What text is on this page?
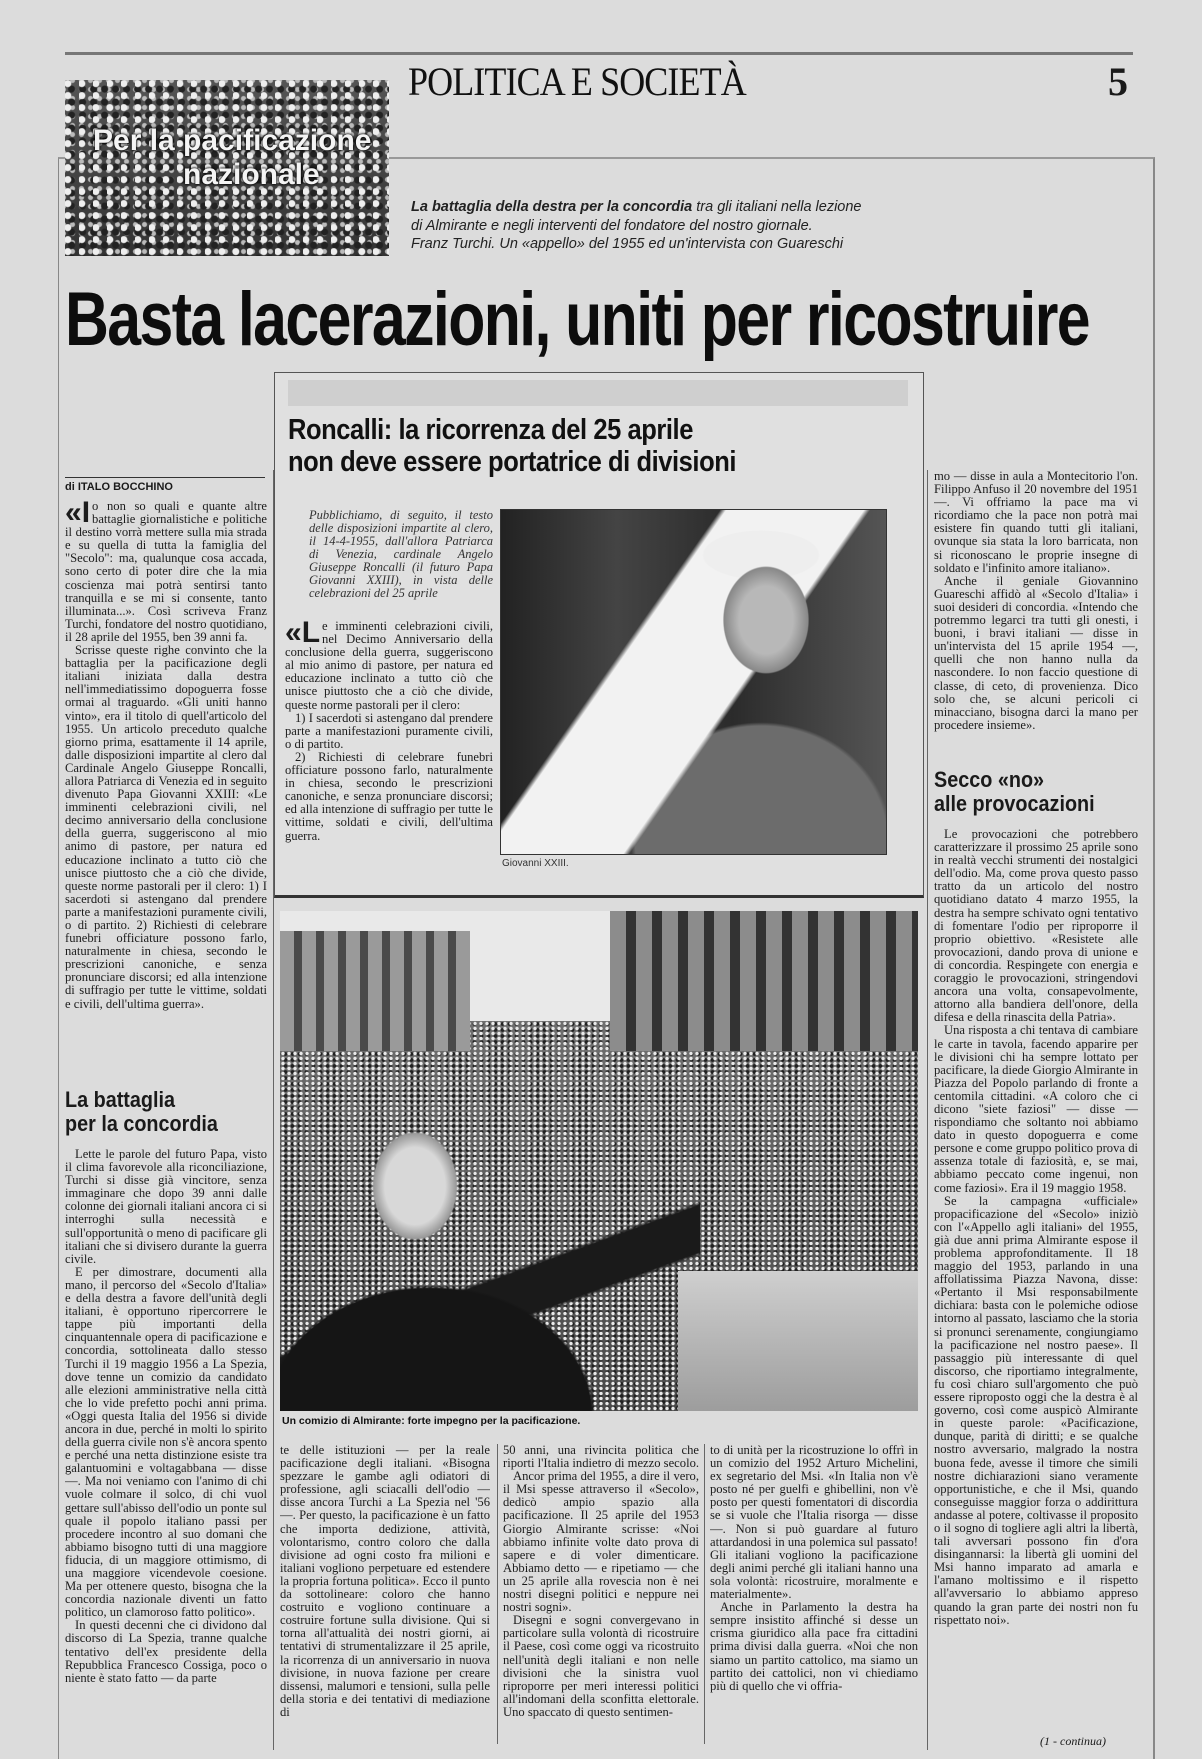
POLITICA E SOCIETÀ	5
Per la pacificazione
nazionale
La battaglia della destra per la concordia tra gli italiani nella lezione
di Almirante e negli interventi del fondatore del nostro giornale.
Franz Turchi. Un «appello» del 1955 ed un'intervista con Guareschi
Basta lacerazioni, uniti per ricostruire
Roncalli: la ricorrenza del 25 aprile
non deve essere portatrice di divisioni
Pubblichiamo, di seguito, il testo delle disposizioni impartite al clero, il 14-4-1955, dall'allora Patriarca di Venezia, cardinale Angelo Giuseppe Roncalli (il futuro Papa Giovanni XXIII), in vista delle celebrazioni del 25 aprile

«L e imminenti celebrazioni civili, nel Decimo Anniversario della conclusione della guerra, suggeriscono al mio animo di pastore, per natura ed educazione inclinato a tutto ciò che unisce piuttosto che a ciò che divide, queste norme pastorali per il clero:

1) I sacerdoti si astengano dal prendere parte a manifestazioni puramente civili, o di partito.

2) Richiesti di celebrare funebri officiature possono farlo, naturalmente in chiesa, secondo le prescrizioni canoniche, e senza pronunciare discorsi; ed alla intenzione di suffragio per tutte le vittime, soldati e civili, dell'ultima guerra.

Giovanni XXIII.
di ITALO BOCCHINO

«I o non so quali e quante altre battaglie giornalistiche e politiche il destino vorrà mettere sulla mia strada e su quella di tutta la famiglia del "Secolo": ma, qualunque cosa accada, sono certo di poter dire che la mia coscienza mai potrà sentirsi tanto tranquilla e se mi si consente, tanto illuminata...». Così scriveva Franz Turchi, fondatore del nostro quotidiano, il 28 aprile del 1955, ben 39 anni fa.

Scrisse queste righe convinto che la battaglia per la pacificazione degli italiani iniziata dalla destra nell'immediatissimo dopoguerra fosse ormai al traguardo. «Gli uniti hanno vinto», era il titolo di quell'articolo del 1955. Un articolo preceduto qualche giorno prima, esattamente il 14 aprile, dalle disposizioni impartite al clero dal Cardinale Angelo Giuseppe Roncalli, allora Patriarca di Venezia ed in seguito divenuto Papa Giovanni XXIII: «Le imminenti celebrazioni civili, nel decimo anniversario della conclusione della guerra, suggeriscono al mio animo di pastore, per natura ed educazione inclinato a tutto ciò che unisce piuttosto che a ciò che divide, queste norme pastorali per il clero: 1) I sacerdoti si astengano dal prendere parte a manifestazioni puramente civili, o di partito. 2) Richiesti di celebrare funebri officiature possono farlo, naturalmente in chiesa, secondo le prescrizioni canoniche, e senza pronunciare discorsi; ed alla intenzione di suffragio per tutte le vittime, soldati e civili, dell'ultima guerra».

La battaglia
per la concordia

Lette le parole del futuro Papa, visto il clima favorevole alla riconciliazione, Turchi si disse già vincitore, senza immaginare che dopo 39 anni dalle colonne dei giornali italiani ancora ci si interroghi sulla necessità e sull'opportunità o meno di pacificare gli italiani che si divisero durante la guerra civile.

E per dimostrare, documenti alla mano, il percorso del «Secolo d'Italia» e della destra a favore dell'unità degli italiani, è opportuno ripercorrere le tappe più importanti della cinquantennale opera di pacificazione e concordia, sottolineata dallo stesso Turchi il 19 maggio 1956 a La Spezia, dove tenne un comizio da candidato alle elezioni amministrative nella città che lo vide prefetto pochi anni prima. «Oggi questa Italia del 1956 si divide ancora in due, perché in molti lo spirito della guerra civile non s'è ancora spento e perché una netta distinzione esiste tra galantuomini e voltagabbana — disse —. Ma noi veniamo con l'animo di chi vuole colmare il solco, di chi vuol gettare sull'abisso dell'odio un ponte sul quale il popolo italiano passi per procedere incontro al suo domani che abbiamo bisogno tutti di una maggiore fiducia, di un maggiore ottimismo, di una maggiore vicendevole coesione. Ma per ottenere questo, bisogna che la concordia nazionale diventi un fatto politico, un clamoroso fatto politico».

In questi decenni che ci dividono dal discorso di La Spezia, tranne qualche tentativo dell'ex presidente della Repubblica Francesco Cossiga, poco o niente è stato fatto — da parte

Un comizio di Almirante: forte impegno per la pacificazione.

te delle istituzioni — per la reale pacificazione degli italiani. «Bisogna spezzare le gambe agli odiatori di professione, agli sciacalli dell'odio — disse ancora Turchi a La Spezia nel '56 —. Per questo, la pacificazione è un fatto che importa dedizione, attività, volontarismo, contro coloro che dalla divisione ad ogni costo fra milioni e italiani vogliono perpetuare ed estendere la propria fortuna politica». Ecco il punto da sottolineare: coloro che hanno costruito e vogliono continuare a costruire fortune sulla divisione. Qui si torna all'attualità dei nostri giorni, ai tentativi di strumentalizzare il 25 aprile, la ricorrenza di un anniversario in nuova divisione, in nuova fazione per creare dissensi, malumori e tensioni, sulla pelle della storia e dei tentativi di mediazione di

50 anni, una rivincita politica che riporti l'Italia indietro di mezzo secolo.

Ancor prima del 1955, a dire il vero, il Msi spesse attraverso il «Secolo», dedicò ampio spazio alla pacificazione. Il 25 aprile del 1953 Giorgio Almirante scrisse: «Noi abbiamo infinite volte dato prova di sapere e di voler dimenticare. Abbiamo detto — e ripetiamo — che un 25 aprile alla rovescia non è nei nostri disegni politici e neppure nei nostri sogni».

Disegni e sogni convergevano in particolare sulla volontà di ricostruire il Paese, così come oggi va ricostruito nell'unità degli italiani e non nelle divisioni che la sinistra vuol riproporre per meri interessi politici all'indomani della sconfitta elettorale. Uno spaccato di questo sentimen-

to di unità per la ricostruzione lo offrì in un comizio del 1952 Arturo Michelini, ex segretario del Msi. «In Italia non v'è posto né per guelfi e ghibellini, non v'è posto per questi fomentatori di discordia se si vuole che l'Italia risorga — disse —. Non si può guardare al futuro attardandosi in una polemica sul passato! Gli italiani vogliono la pacificazione degli animi perché gli italiani hanno una sola volontà: ricostruire, moralmente e materialmente».

Anche in Parlamento la destra ha sempre insistito affinché si desse un crisma giuridico alla pace fra cittadini prima divisi dalla guerra. «Noi che non siamo un partito cattolico, ma siamo un partito dei cattolici, non vi chiediamo più di quello che vi offria-

mo — disse in aula a Montecitorio l'on. Filippo Anfuso il 20 novembre del 1951 —. Vi offriamo la pace ma vi ricordiamo che la pace non potrà mai esistere fin quando tutti gli italiani, ovunque sia stata la loro barricata, non si riconoscano le proprie insegne di soldato e l'infinito amore italiano».

Anche il geniale Giovannino Guareschi affidò al «Secolo d'Italia» i suoi desideri di concordia. «Intendo che potremmo legarci tra tutti gli onesti, i buoni, i bravi italiani — disse in un'intervista del 15 aprile 1954 —, quelli che non hanno nulla da nascondere. Io non faccio questione di classe, di ceto, di provenienza. Dico solo che, se alcuni pericoli ci minacciano, bisogna darci la mano per procedere insieme».

Secco «no»
alle provocazioni

Le provocazioni che potrebbero caratterizzare il prossimo 25 aprile sono in realtà vecchi strumenti dei nostalgici dell'odio. Ma, come prova questo passo tratto da un articolo del nostro quotidiano datato 4 marzo 1955, la destra ha sempre schivato ogni tentativo di fomentare l'odio per riproporre il proprio obiettivo. «Resistete alle provocazioni, dando prova di unione e di concordia. Respingete con energia e coraggio le provocazioni, stringendovi ancora una volta, consapevolmente, attorno alla bandiera dell'onore, della difesa e della rinascita della Patria».

Una risposta a chi tentava di cambiare le carte in tavola, facendo apparire per le divisioni chi ha sempre lottato per pacificare, la diede Giorgio Almirante in Piazza del Popolo parlando di fronte a centomila cittadini. «A coloro che ci dicono "siete faziosi" — disse — rispondiamo che soltanto noi abbiamo dato in questo dopoguerra e come persone e come gruppo politico prova di assenza totale di faziosità, e, se mai, abbiamo peccato come ingenui, non come faziosi». Era il 19 maggio 1958.

Se la campagna «ufficiale» propacificazione del «Secolo» iniziò con l'«Appello agli italiani» del 1955, già due anni prima Almirante espose il problema approfonditamente. Il 18 maggio del 1953, parlando in una affollatissima Piazza Navona, disse: «Pertanto il Msi responsabilmente dichiara: basta con le polemiche odiose intorno al passato, lasciamo che la storia si pronunci serenamente, congiungiamo la pacificazione nel nostro paese». Il passaggio più interessante di quel discorso, che riportiamo integralmente, fu così chiaro sull'argomento che può essere riproposto oggi che la destra è al governo, così come auspicò Almirante in queste parole: «Pacificazione, dunque, parità di diritti; e se qualche nostro avversario, malgrado la nostra buona fede, avesse il timore che simili nostre dichiarazioni siano veramente opportunistiche, e che il Msi, quando conseguisse maggior forza o addirittura andasse al potere, coltivasse il proposito o il sogno di togliere agli altri la libertà, tali avversari possono fin d'ora disingannarsi: la libertà gli uomini del Msi hanno imparato ad amarla e l'amano moltissimo e il rispetto all'avversario lo abbiamo appreso quando la gran parte dei nostri non fu rispettato noi».

(1 - continua)
